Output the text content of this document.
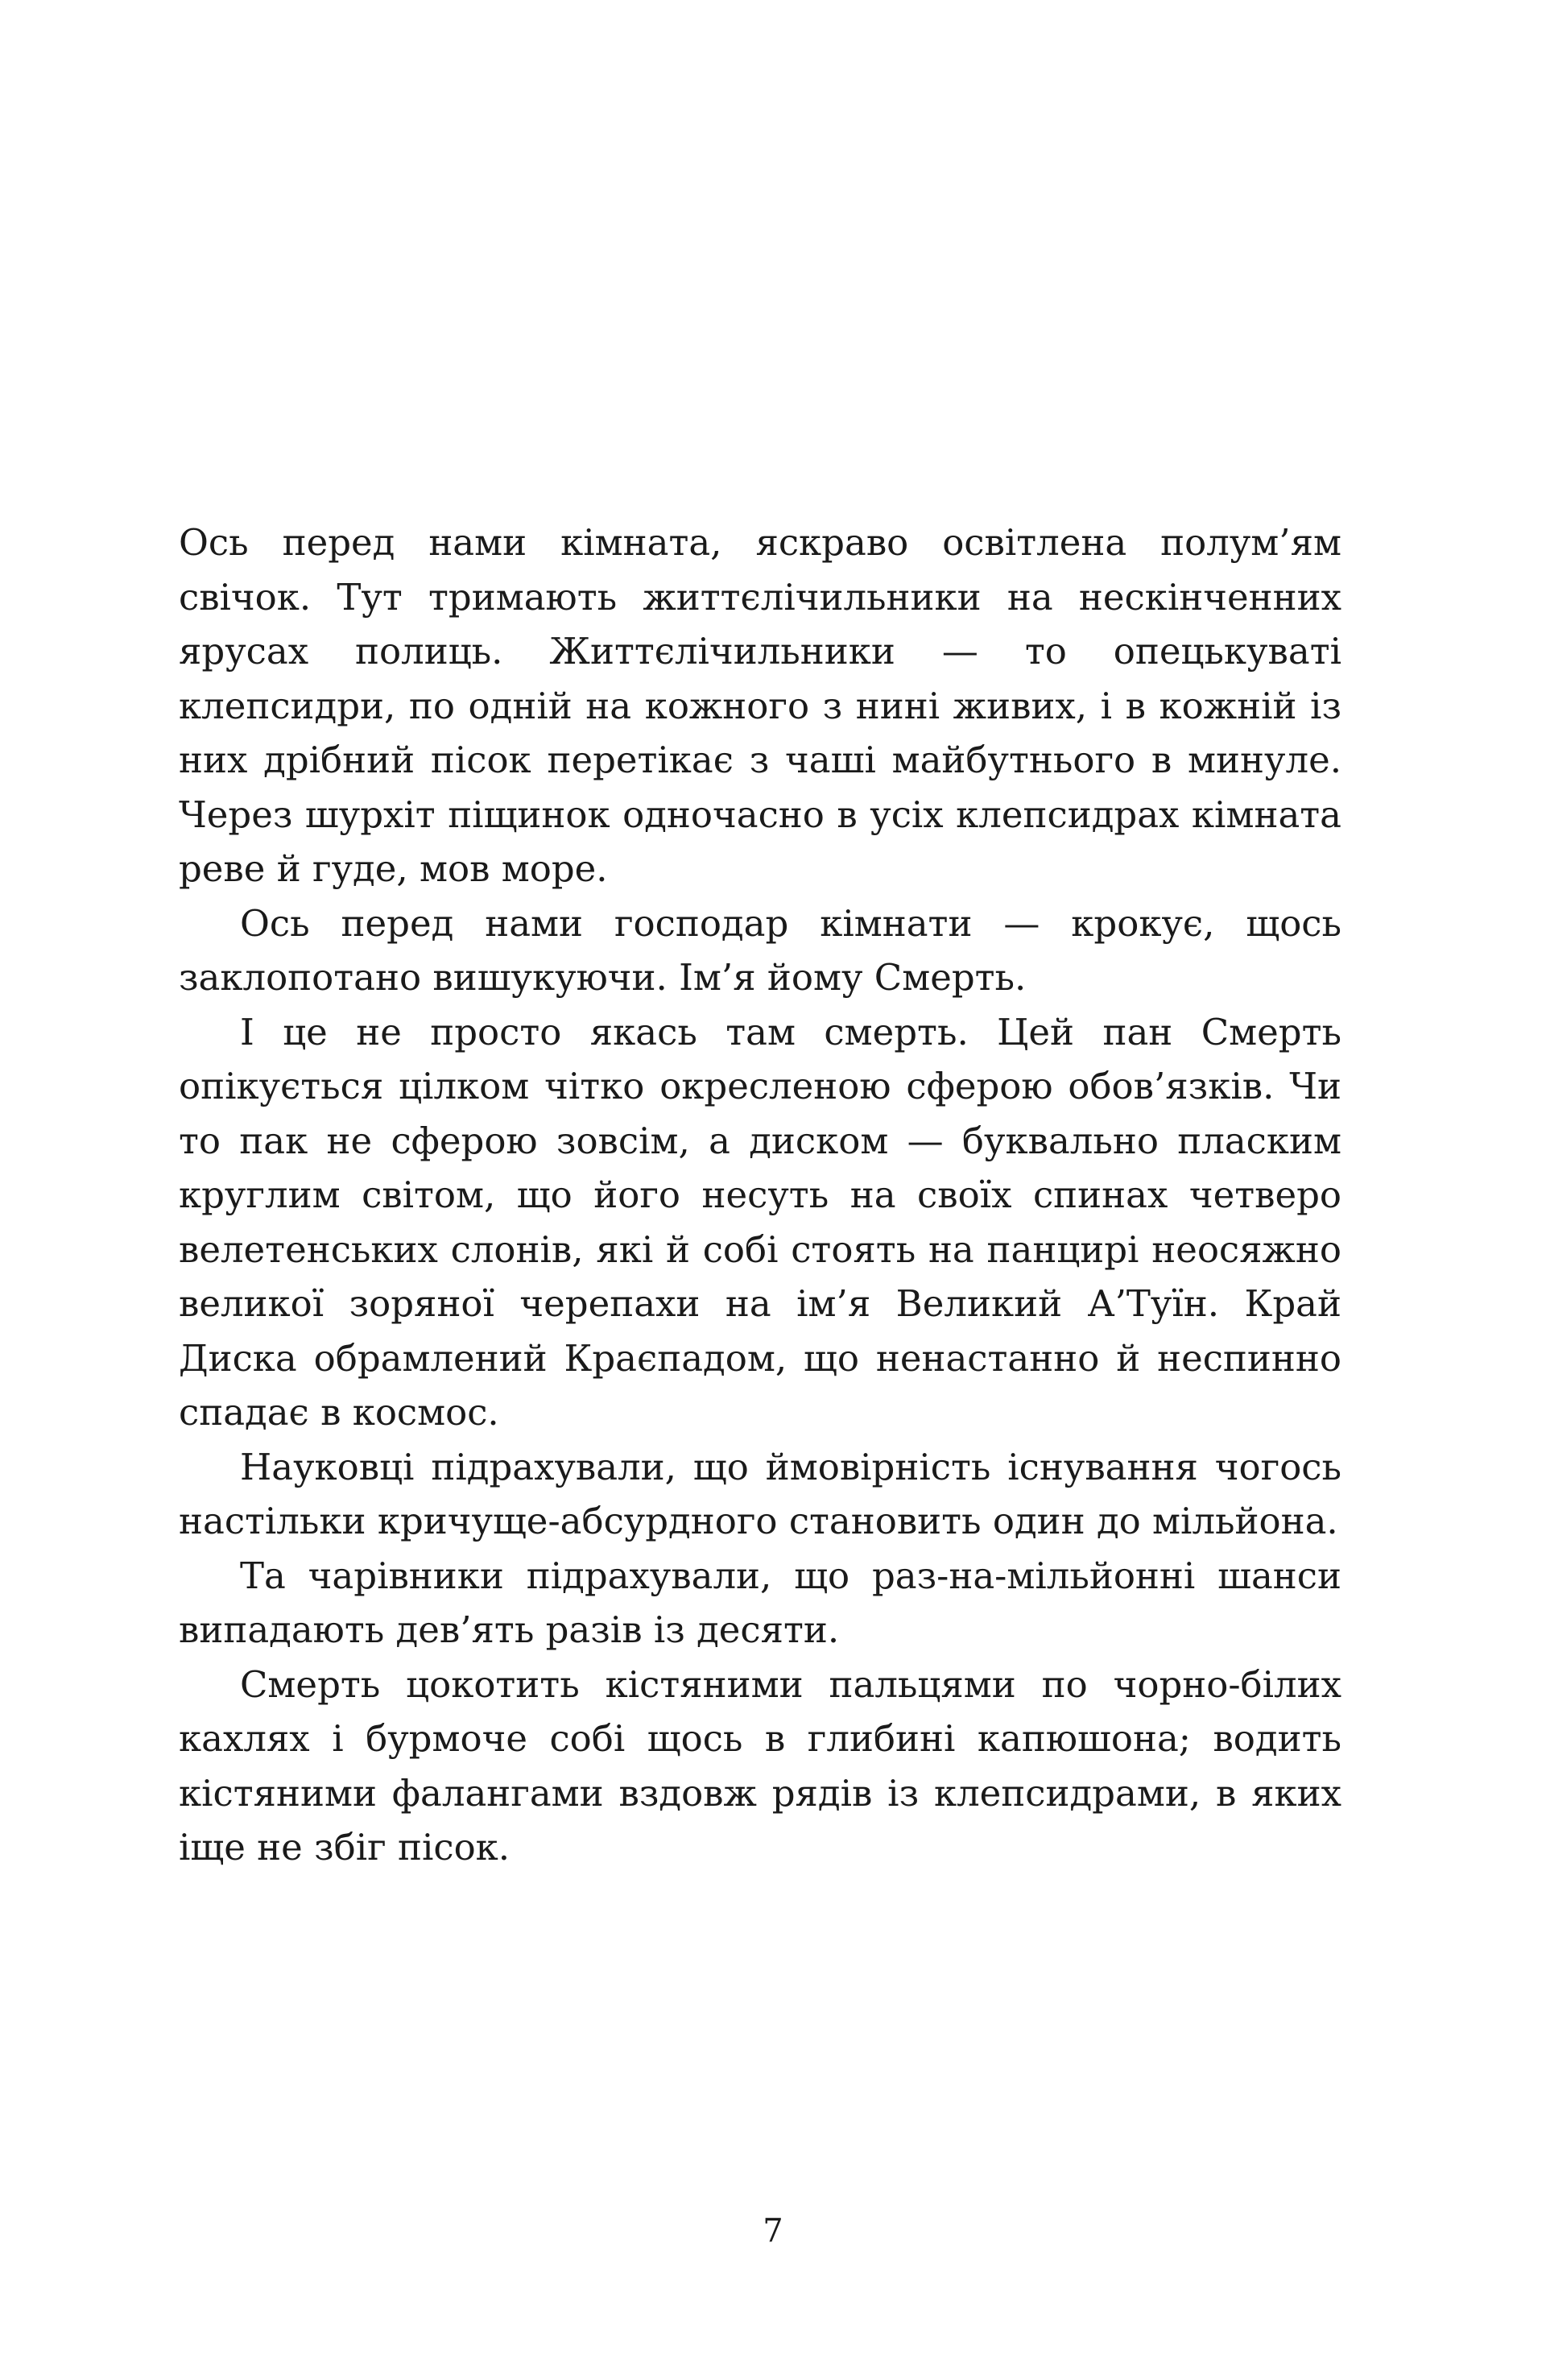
Ось перед нами кімната, яскраво освітлена полум’ям свічок. Тут тримають життєлічильники на нескінченних ярусах полиць. Життєлічильники — то опецькуваті клепсидри, по одній на кожного з нині живих, і в кожній із них дрібний пісок перетікає з чаші майбутнього в минуле. Через шурхіт піщинок одночасно в усіх клепсидрах кімната реве й гуде, мов море.

Ось перед нами господар кімнати — крокує, щось заклопотано вишукуючи. Ім’я йому Смерть.

І це не просто якась там смерть. Цей пан Смерть опікується цілком чітко окресленою сферою обов’язків. Чи то пак не сферою зовсім, а диском — буквально пласким круглим світом, що його несуть на своїх спинах четверо велетенських слонів, які й собі стоять на панцирі неосяжно великої зоряної черепахи на ім’я Великий А’Туїн. Край Диска обрамлений Краєпадом, що ненастанно й неспинно спадає в космос.

Науковці підрахували, що ймовірність існування чогось настільки кричуще-абсурдного становить один до мільйона.

Та чарівники підрахували, що раз-на-мільйонні шанси випадають дев’ять разів із десяти.

Смерть цокотить кістяними пальцями по чорно-білих кахлях і бурмоче собі щось в глибині капюшона; водить кістяними фалангами вздовж рядів із клепсидрами, в яких іще не збіг пісок.

7
